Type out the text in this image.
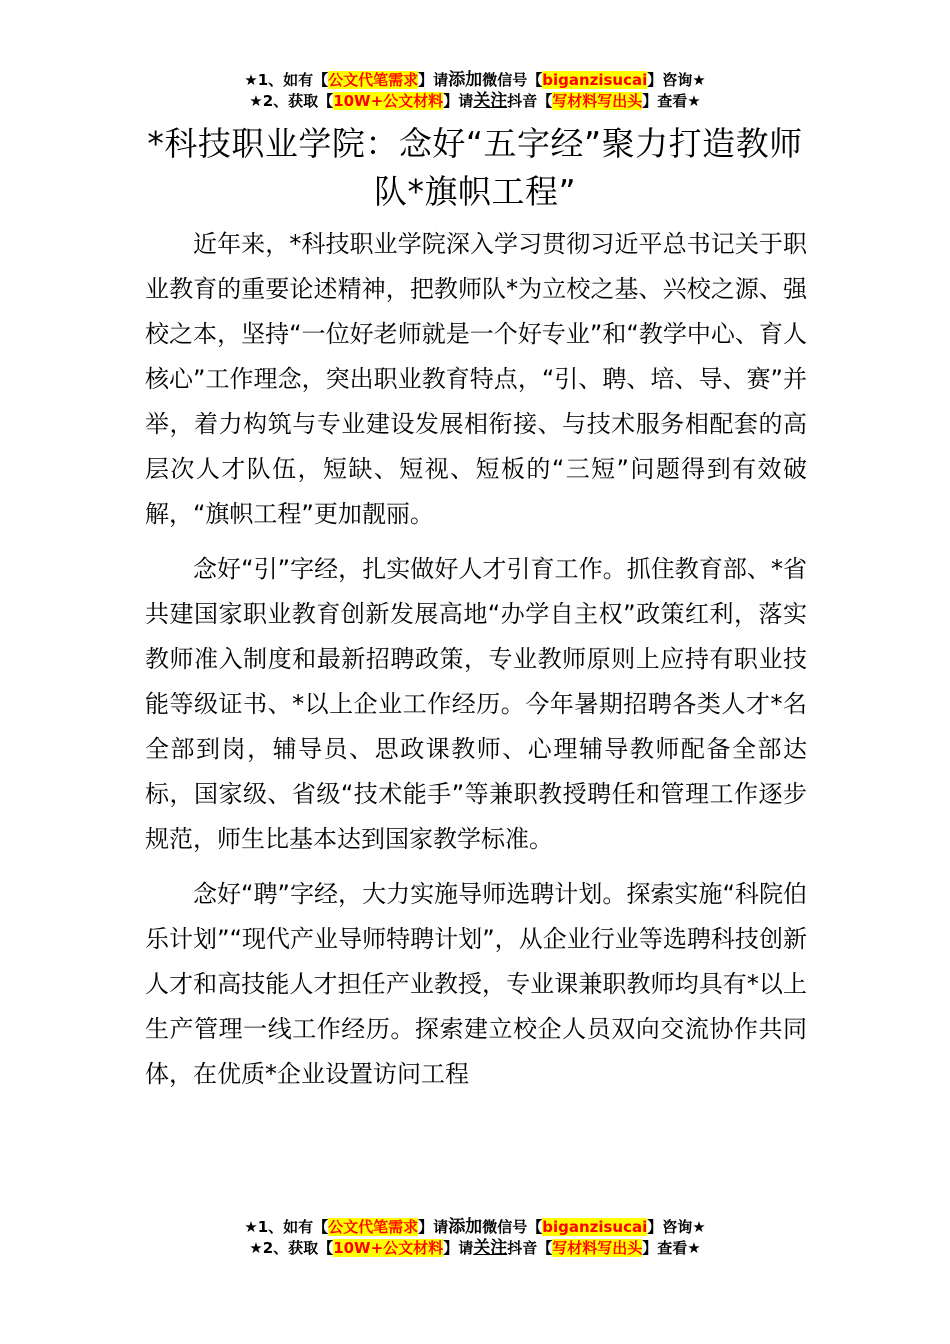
★1、如有【公文代笔需求】请添加微信号【biganzisucai】咨询★
★2、获取【10W+公文材料】请关注抖音【写材料写出头】查看★
*科技职业学院：念好“五字经”聚力打造教师队*旗帜工程”

近年来，*科技职业学院深入学习贯彻习近平总书记关于职业教育的重要论述精神，把教师队*为立校之基、兴校之源、强校之本，坚持“一位好老师就是一个好专业”和“教学中心、育人核心”工作理念，突出职业教育特点，“引、聘、培、导、赛”并举，着力构筑与专业建设发展相衔接、与技术服务相配套的高层次人才队伍，短缺、短视、短板的“三短”问题得到有效破解，“旗帜工程”更加靓丽。

念好“引”字经，扎实做好人才引育工作。抓住教育部、*省共建国家职业教育创新发展高地“办学自主权”政策红利，落实教师准入制度和最新招聘政策，专业教师原则上应持有职业技能等级证书、*以上企业工作经历。今年暑期招聘各类人才*名全部到岗，辅导员、思政课教师、心理辅导教师配备全部达标，国家级、省级“技术能手”等兼职教授聘任和管理工作逐步规范，师生比基本达到国家教学标准。

念好“聘”字经，大力实施导师选聘计划。探索实施“科院伯乐计划”“现代产业导师特聘计划”，从企业行业等选聘科技创新人才和高技能人才担任产业教授，专业课兼职教师均具有*以上生产管理一线工作经历。探索建立校企人员双向交流协作共同体，在优质*企业设置访问工程

★1、如有【公文代笔需求】请添加微信号【biganzisucai】咨询★
★2、获取【10W+公文材料】请关注抖音【写材料写出头】查看★
